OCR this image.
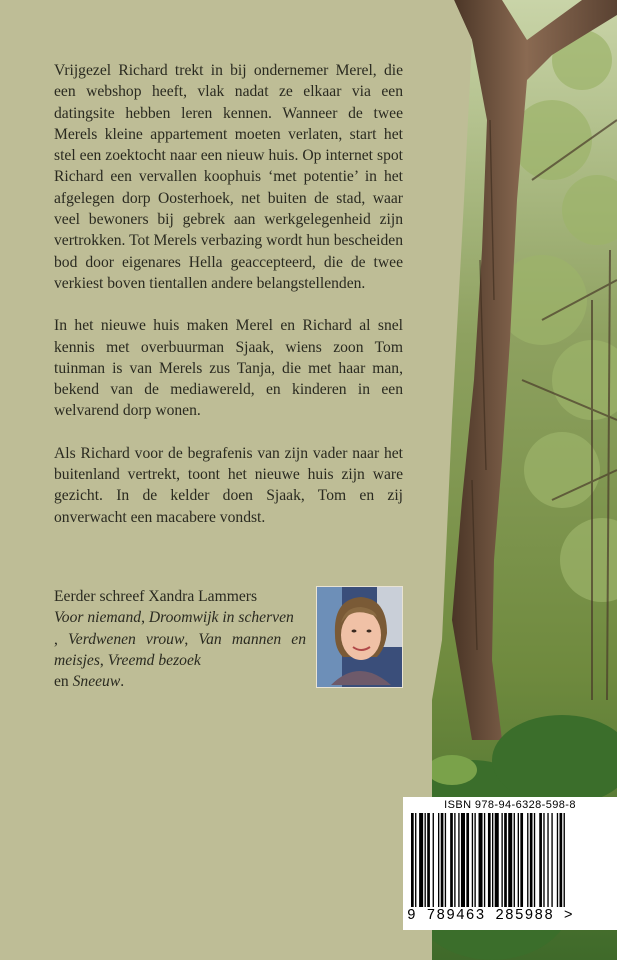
Vrijgezel Richard trekt in bij ondernemer Merel, die een webshop heeft, vlak nadat ze elkaar via een datingsite hebben leren kennen. Wanneer de twee Merels kleine appartement moeten verlaten, start het stel een zoektocht naar een nieuw huis. Op internet spot Richard een vervallen koophuis ‘met potentie’ in het afgelegen dorp Oosterhoek, net buiten de stad, waar veel bewoners bij gebrek aan werkgelegenheid zijn vertrokken. Tot Merels verbazing wordt hun bescheiden bod door eigenares Hella geaccepteerd, die de twee verkiest boven tientallen andere belangstellenden.

In het nieuwe huis maken Merel en Richard al snel kennis met overbuurman Sjaak, wiens zoon Tom tuinman is van Merels zus Tanja, die met haar man, bekend van de mediawereld, en kinderen in een welvarend dorp wonen.

Als Richard voor de begrafenis van zijn vader naar het buitenland vertrekt, toont het nieuwe huis zijn ware gezicht. In de kelder doen Sjaak, Tom en zij onverwacht een macabere vondst.

Eerder schreef Xandra Lammers
Voor niemand, Droomwijk in scherven
, Verdwenen vrouw, Van mannen en meisjes, Vreemd bezoek
en Sneeuw.
ISBN 978-94-6328-598-8
9 789463 285988 >
